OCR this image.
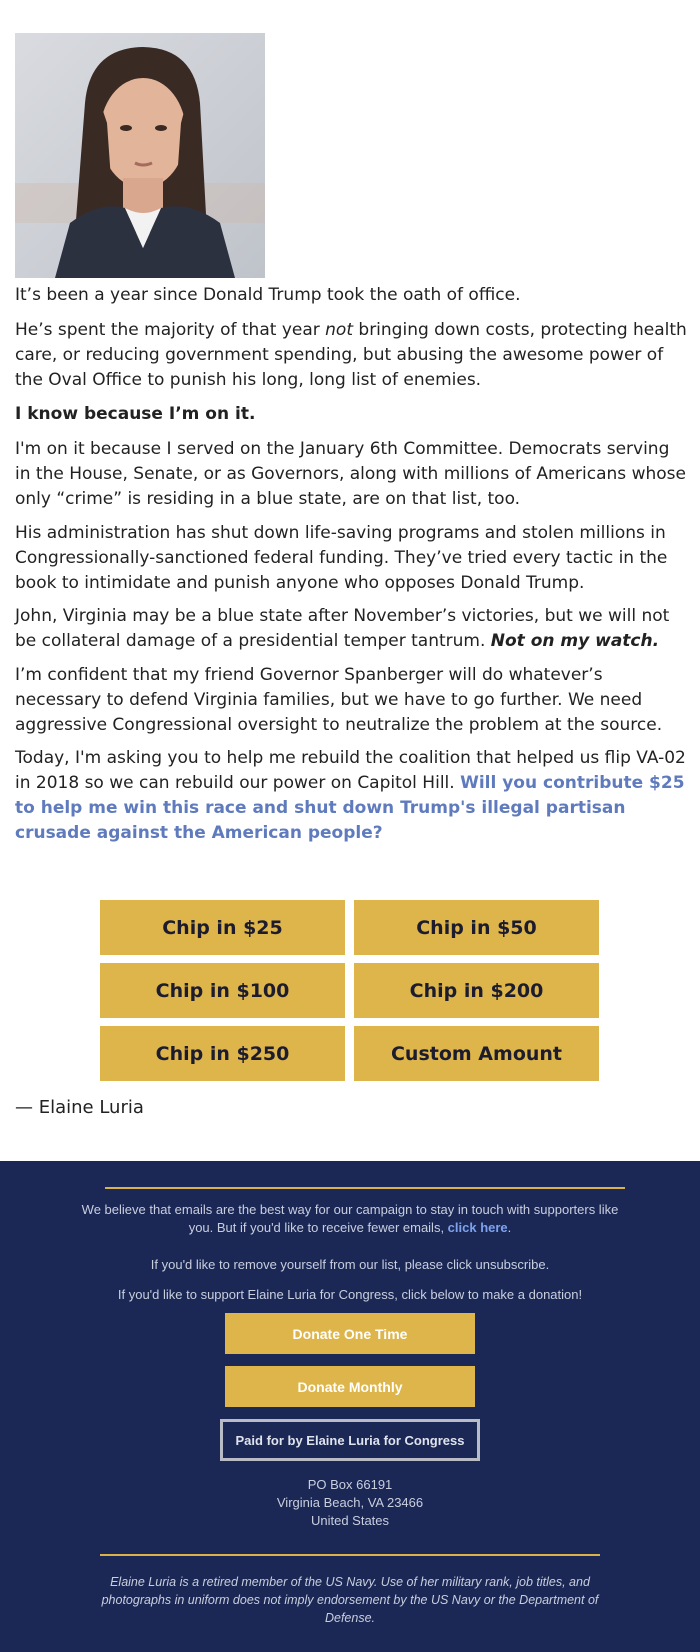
It’s been a year since Donald Trump took the oath of office.
He’s spent the majority of that year not bringing down costs, protecting health care, or reducing government spending, but abusing the awesome power of the Oval Office to punish his long, long list of enemies.
I know because I’m on it.
I'm on it because I served on the January 6th Committee. Democrats serving in the House, Senate, or as Governors, along with millions of Americans whose only “crime” is residing in a blue state, are on that list, too.
His administration has shut down life-saving programs and stolen millions in Congressionally-sanctioned federal funding. They’ve tried every tactic in the book to intimidate and punish anyone who opposes Donald Trump.
John, Virginia may be a blue state after November’s victories, but we will not be collateral damage of a presidential temper tantrum. Not on my watch.
I’m confident that my friend Governor Spanberger will do whatever’s necessary to defend Virginia families, but we have to go further. We need aggressive Congressional oversight to neutralize the problem at the source.
Today, I'm asking you to help me rebuild the coalition that helped us flip VA-02 in 2018 so we can rebuild our power on Capitol Hill. Will you contribute $25 to help me win this race and shut down Trump's illegal partisan crusade against the American people?
Chip in $25	Chip in $50
Chip in $100	Chip in $200
Chip in $250	Custom Amount
— Elaine Luria
We believe that emails are the best way for our campaign to stay in touch with supporters like you. But if you'd like to receive fewer emails, click here.
If you'd like to remove yourself from our list, please click unsubscribe.
If you'd like to support Elaine Luria for Congress, click below to make a donation!
Donate One Time
Donate Monthly
Paid for by Elaine Luria for Congress
PO Box 66191
Virginia Beach, VA 23466
United States
Elaine Luria is a retired member of the US Navy. Use of her military rank, job titles, and photographs in uniform does not imply endorsement by the US Navy or the Department of Defense.
